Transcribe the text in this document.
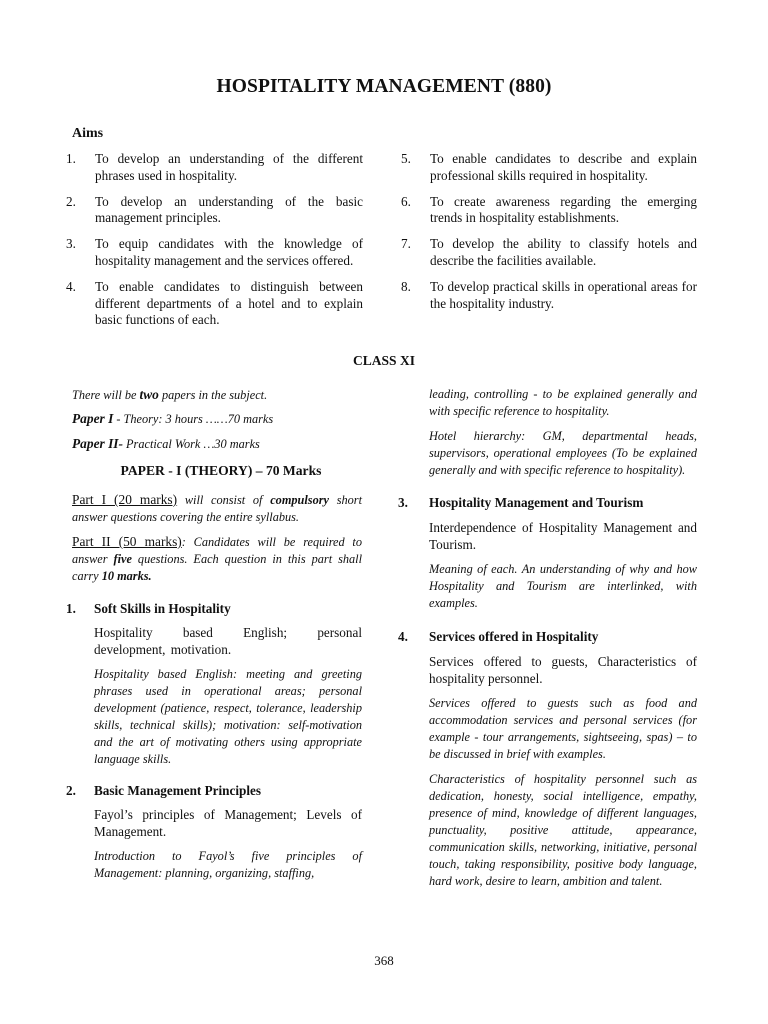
HOSPITALITY MANAGEMENT (880)
Aims
1.	To develop an understanding of the different phrases used in hospitality.
2.	To develop an understanding of the basic management principles.
3.	To equip candidates with the knowledge of hospitality management and the services offered.
4.	To enable candidates to distinguish between different departments of a hotel and to explain basic functions of each.
5.	To enable candidates to describe and explain professional skills required in hospitality.
6.	To create awareness regarding the emerging trends in hospitality establishments.
7.	To develop the ability to classify hotels and describe the facilities available.
8.	To develop practical skills in operational areas for the hospitality industry.
CLASS XI

There will be two papers in the subject.

Paper I - Theory: 3 hours ……70 marks

Paper II- Practical Work …30 marks

PAPER - I (THEORY) – 70 Marks

Part I (20 marks) will consist of compulsory short answer questions covering the entire syllabus.

Part II (50 marks): Candidates will be required to answer five questions. Each question in this part shall carry 10 marks.

1.	Soft Skills in Hospitality

Hospitality based English; personal development, motivation.

Hospitality based English: meeting and greeting phrases used in operational areas; personal development (patience, respect, tolerance, leadership skills, technical skills); motivation: self-motivation and the art of motivating others using appropriate language skills.

2.	Basic Management Principles

Fayol’s principles of Management; Levels of Management.

Introduction to Fayol’s five principles of Management: planning, organizing, staffing,

leading, controlling - to be explained generally and with specific reference to hospitality.

Hotel hierarchy: GM, departmental heads, supervisors, operational employees (To be explained generally and with specific reference to hospitality).

3.	Hospitality Management and Tourism

Interdependence of Hospitality Management and Tourism.

Meaning of each. An understanding of why and how Hospitality and Tourism are interlinked, with examples.

4.	Services offered in Hospitality

Services offered to guests, Characteristics of hospitality personnel.

Services offered to guests such as food and accommodation services and personal services (for example - tour arrangements, sightseeing, spas) – to be discussed in brief with examples.

Characteristics of hospitality personnel such as dedication, honesty, social intelligence, empathy, presence of mind, knowledge of different languages, punctuality, positive attitude, appearance, communication skills, networking, initiative, personal touch, taking responsibility, positive body language, hard work, desire to learn, ambition and talent.

368
